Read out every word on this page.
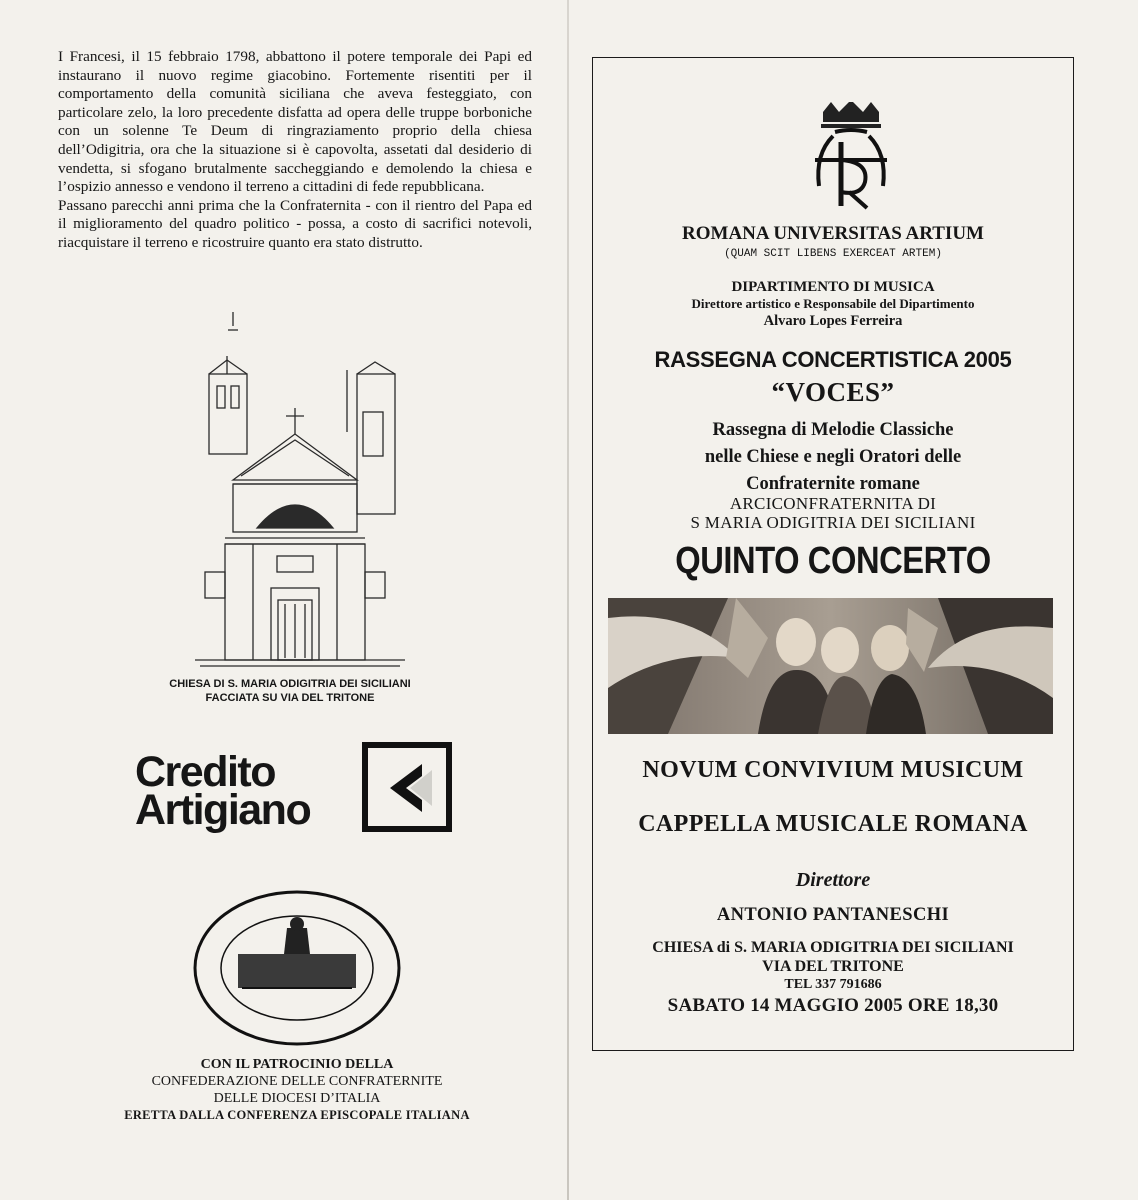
I Francesi, il 15 febbraio 1798, abbattono il potere temporale dei Papi ed instaurano il nuovo regime giacobino. Fortemente risentiti per il comportamento della comunità siciliana che aveva festeggiato, con particolare zelo, la loro precedente disfatta ad opera delle truppe borboniche con un solenne Te Deum di ringraziamento proprio della chiesa dell’Odigitria, ora che la situazione si è capovolta, assetati dal desiderio di vendetta, si sfogano brutalmente saccheggiando e demolendo la chiesa e l’ospizio annesso e vendono il terreno a cittadini di fede repubblicana.

Passano parecchi anni prima che la Confraternita - con il rientro del Papa ed il miglioramento del quadro politico - possa, a costo di sacrifici notevoli, riacquistare il terreno e ricostruire quanto era stato distrutto.

CHIESA DI S. MARIA ODIGITRIA DEI SICILIANI
FACCIATA SU VIA DEL TRITONE
Credito
Artigiano
CON IL PATROCINIO DELLA
CONFEDERAZIONE DELLE CONFRATERNITE
DELLE DIOCESI D’ITALIA
ERETTA DALLA CONFERENZA EPISCOPALE ITALIANA
ROMANA UNIVERSITAS ARTIUM
(QUAM SCIT LIBENS EXERCEAT ARTEM)
DIPARTIMENTO DI MUSICA
Direttore artistico e Responsabile del Dipartimento
Alvaro Lopes Ferreira
RASSEGNA CONCERTISTICA 2005
“VOCES”
Rassegna di Melodie Classiche
nelle Chiese e negli Oratori delle
Confraternite romane
ARCICONFRATERNITA DI
S MARIA ODIGITRIA DEI SICILIANI
QUINTO CONCERTO
NOVUM CONVIVIUM MUSICUM
CAPPELLA MUSICALE ROMANA
Direttore
ANTONIO PANTANESCHI
CHIESA di S. MARIA ODIGITRIA DEI SICILIANI
VIA DEL TRITONE
TEL 337 791686
SABATO 14 MAGGIO 2005 ORE 18,30
